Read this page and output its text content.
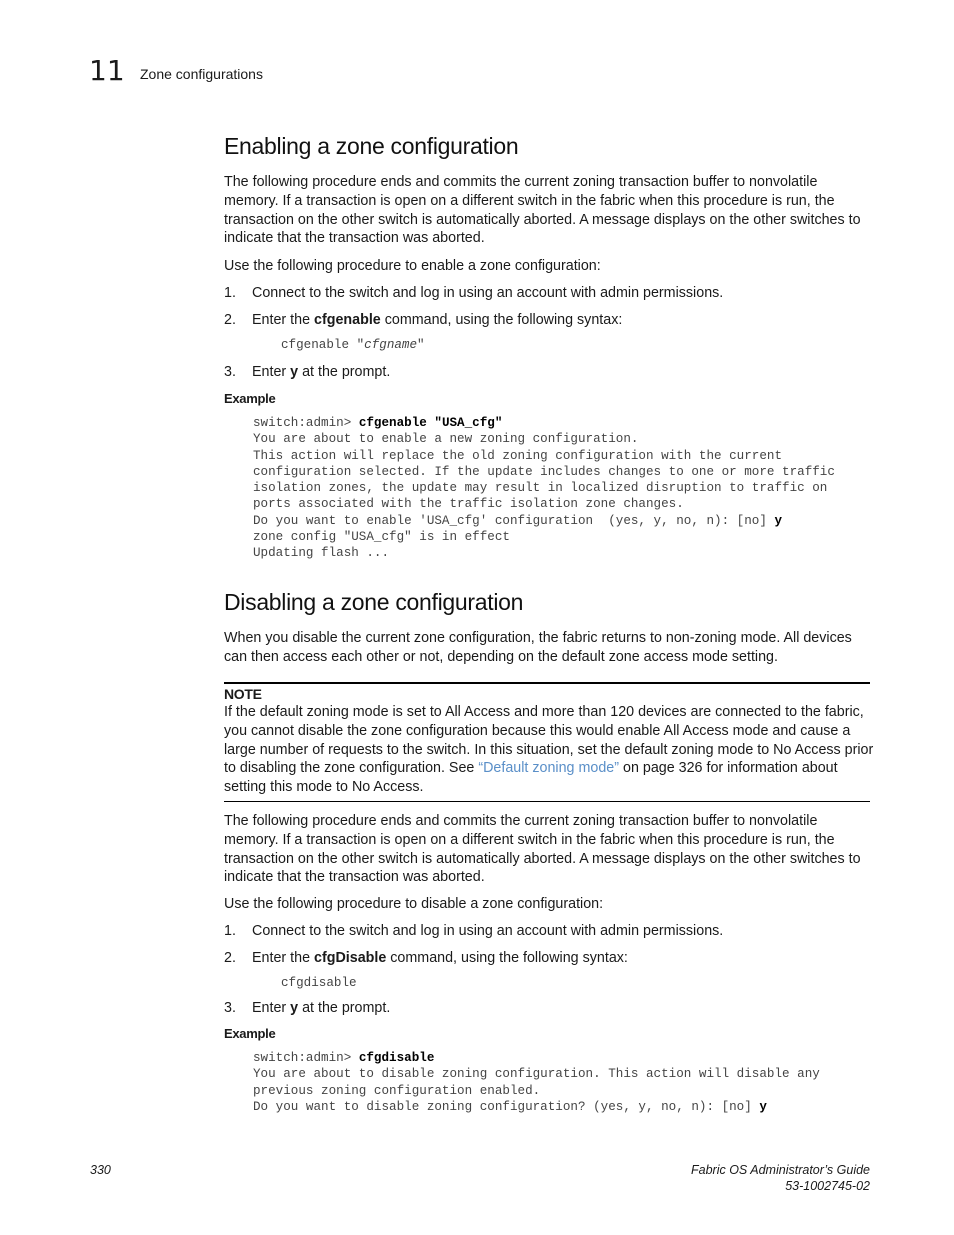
11 Zone configurations
Enabling a zone configuration

The following procedure ends and commits the current zoning transaction buffer to nonvolatile memory. If a transaction is open on a different switch in the fabric when this procedure is run, the transaction on the other switch is automatically aborted. A message displays on the other switches to indicate that the transaction was aborted.

Use the following procedure to enable a zone configuration:

1. Connect to the switch and log in using an account with admin permissions.
2. Enter the cfgenable command, using the following syntax:
cfgenable "cfgname"
3. Enter y at the prompt.
Example
switch:admin> cfgenable "USA_cfg"
You are about to enable a new zoning configuration.
This action will replace the old zoning configuration with the current
configuration selected. If the update includes changes to one or more traffic
isolation zones, the update may result in localized disruption to traffic on
ports associated with the traffic isolation zone changes.
Do you want to enable 'USA_cfg' configuration  (yes, y, no, n): [no] y
zone config "USA_cfg" is in effect
Updating flash ...
Disabling a zone configuration

When you disable the current zone configuration, the fabric returns to non-zoning mode. All devices can then access each other or not, depending on the default zone access mode setting.

NOTE

If the default zoning mode is set to All Access and more than 120 devices are connected to the fabric, you cannot disable the zone configuration because this would enable All Access mode and cause a large number of requests to the switch. In this situation, set the default zoning mode to No Access prior to disabling the zone configuration. See “Default zoning mode” on page 326 for information about setting this mode to No Access.

The following procedure ends and commits the current zoning transaction buffer to nonvolatile memory. If a transaction is open on a different switch in the fabric when this procedure is run, the transaction on the other switch is automatically aborted. A message displays on the other switches to indicate that the transaction was aborted.

Use the following procedure to disable a zone configuration:

1. Connect to the switch and log in using an account with admin permissions.
2. Enter the cfgDisable command, using the following syntax:
cfgdisable
3. Enter y at the prompt.
Example
switch:admin> cfgdisable
You are about to disable zoning configuration. This action will disable any
previous zoning configuration enabled.
Do you want to disable zoning configuration? (yes, y, no, n): [no] y
330	Fabric OS Administrator’s Guide
53-1002745-02
